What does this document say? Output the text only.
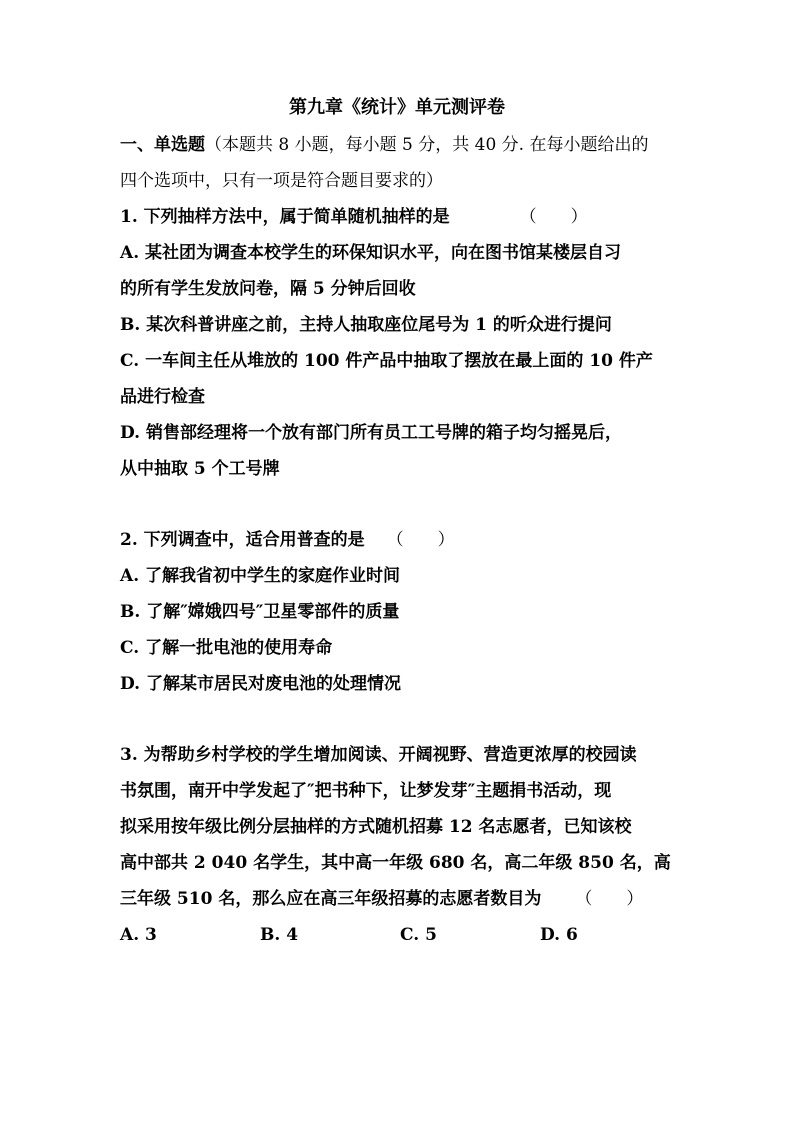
第九章《统计》单元测评卷
一、单选题（本题共 8 小题，每小题 5 分，共 40 分. 在每小题给出的
四个选项中，只有一项是符合题目要求的）
1. 下列抽样方法中，属于简单随机抽样的是	（　　）
A. 某社团为调查本校学生的环保知识水平，向在图书馆某楼层自习
的所有学生发放问卷，隔 5 分钟后回收
B. 某次科普讲座之前，主持人抽取座位尾号为 1 的听众进行提问
C. 一车间主任从堆放的 100 件产品中抽取了摆放在最上面的 10 件产
品进行检查
D. 销售部经理将一个放有部门所有员工工号牌的箱子均匀摇晃后，
从中抽取 5 个工号牌
2. 下列调查中，适合用普查的是 （　　）
A. 了解我省初中学生的家庭作业时间
B. 了解″嫦娥四号″卫星零部件的质量
C. 了解一批电池的使用寿命
D. 了解某市居民对废电池的处理情况
3. 为帮助乡村学校的学生增加阅读、开阔视野、营造更浓厚的校园读
书氛围，南开中学发起了″把书种下，让梦发芽″主题捐书活动，现
拟采用按年级比例分层抽样的方式随机招募 12 名志愿者，已知该校
高中部共 2 040 名学生，其中高一年级 680 名，高二年级 850 名，高
三年级 510 名，那么应在高三年级招募的志愿者数目为 （　　）
A. 3	B. 4	C. 5	D. 6
